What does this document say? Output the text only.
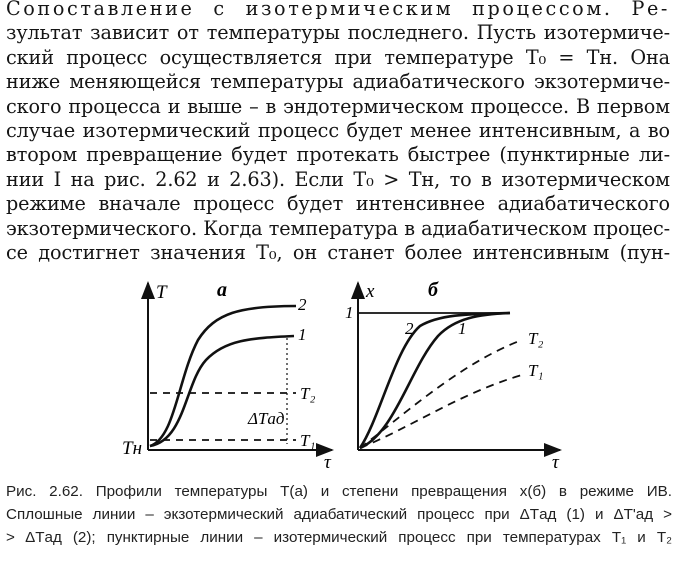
Сопоставление с изотермическим процессом. Ре-
зультат зависит от температуры последнего. Пусть изотермиче-
ский процесс осуществляется при температуре T₀ = Tн. Она
ниже меняющейся температуры адиабатического экзотермиче-
ского процесса и выше – в эндотермическом процессе. В первом
случае изотермический процесс будет менее интенсивным, а во
втором превращение будет протекать быстрее (пунктирные ли-
нии I на рис. 2.62 и 2.63). Если T₀ > Tн, то в изотермическом
режиме вначале процесс будет интенсивнее адиабатического
экзотермического. Когда температура в адиабатическом процес-
се достигнет значения T₀, он станет более интенсивным (пун-
T
τ
а
Tн
T₂
T₁
2
1
ΔTад
x
τ
б
1
2	1
T₂
T₁
Рис. 2.62. Профили температуры T(а) и степени превращения x(б) в режиме ИВ.
Сплошные линии – экзотермический адиабатический процесс при ΔTад (1) и ΔT'ад >
> ΔTад (2); пунктирные линии – изотермический процесс при температурах T₁ и T₂
